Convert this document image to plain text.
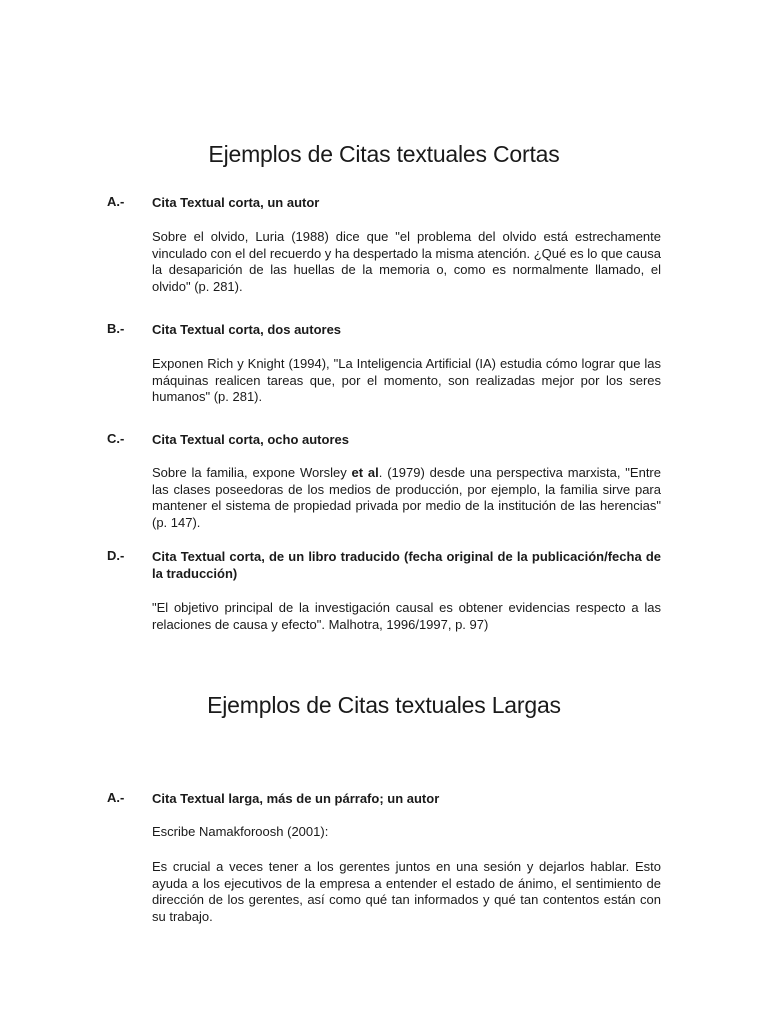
Ejemplos de Citas textuales Cortas

A.- Cita Textual corta, un autor

Sobre el olvido, Luria (1988) dice que "el problema del olvido está estrechamente vinculado con el del recuerdo y ha despertado la misma atención. ¿Qué es lo que causa la desaparición de las huellas de la memoria o, como es normalmente llamado, el olvido" (p. 281).

B.- Cita Textual corta, dos autores

Exponen Rich y Knight (1994), "La Inteligencia Artificial (IA) estudia cómo lograr que las máquinas realicen tareas que, por el momento, son realizadas mejor por los seres humanos" (p. 281).

C.- Cita Textual corta, ocho autores

Sobre la familia, expone Worsley et al. (1979) desde una perspectiva marxista, "Entre las clases poseedoras de los medios de producción, por ejemplo, la familia sirve para mantener el sistema de propiedad privada por medio de la institución de las herencias" (p. 147).

D.- Cita Textual corta, de un libro traducido (fecha original de la publicación/fecha de la traducción)

"El objetivo principal de la investigación causal es obtener evidencias respecto a las relaciones de causa y efecto". Malhotra, 1996/1997, p. 97)

Ejemplos de Citas textuales Largas

A.- Cita Textual larga, más de un párrafo; un autor

Escribe Namakforoosh (2001):

Es crucial a veces tener a los gerentes juntos en una sesión y dejarlos hablar. Esto ayuda a los ejecutivos de la empresa a entender el estado de ánimo, el sentimiento de dirección de los gerentes, así como qué tan informados y qué tan contentos están con su trabajo.
